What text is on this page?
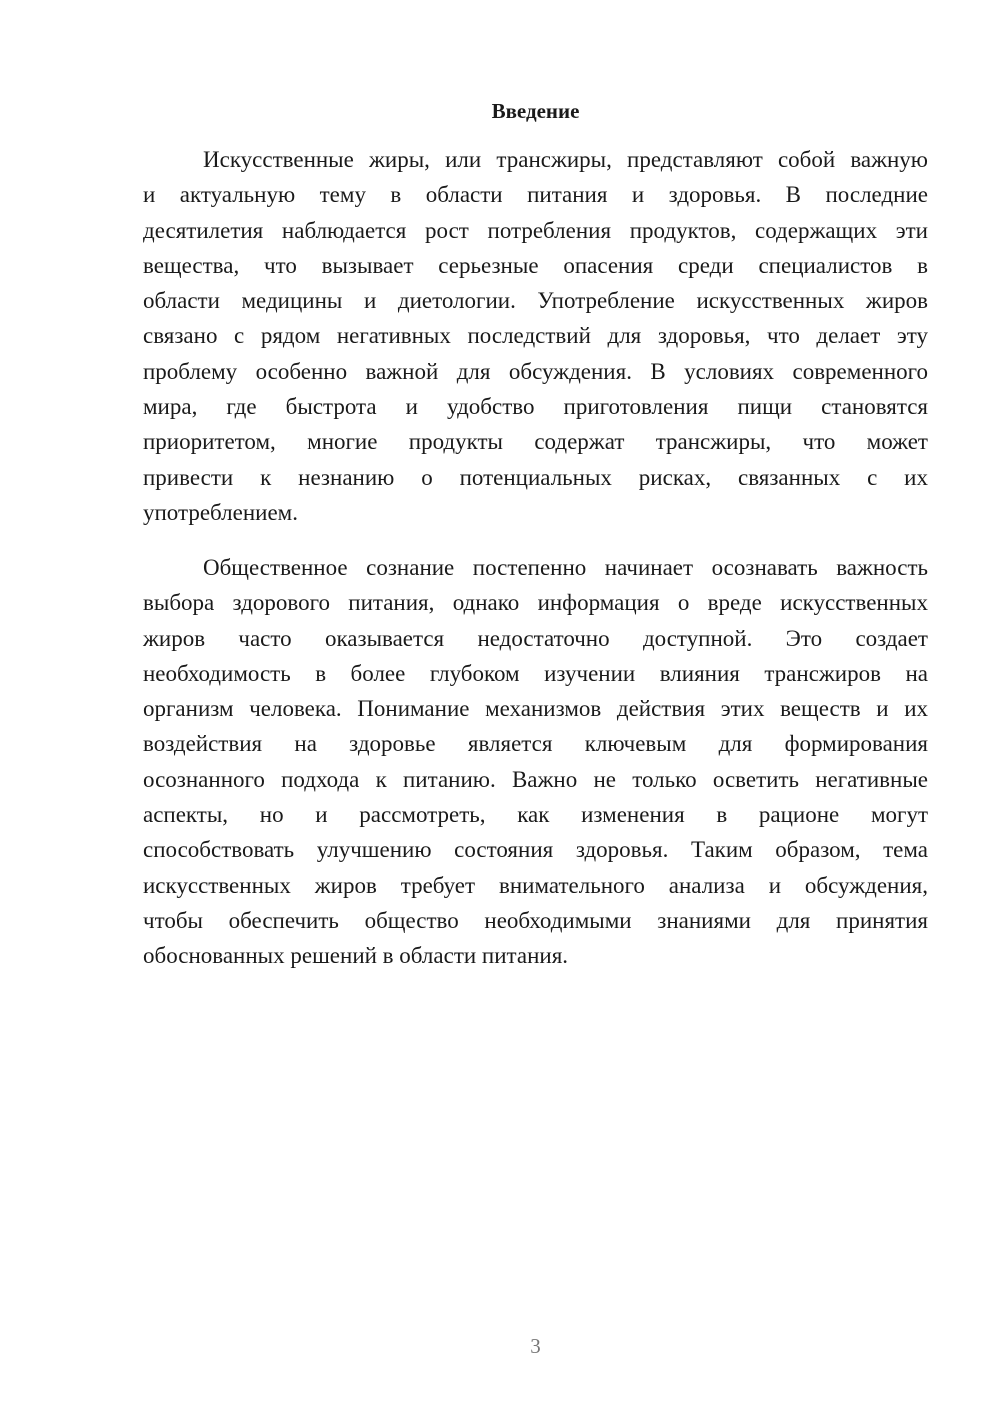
Введение
Искусственные жиры, или трансжиры, представляют собой важную
и актуальную тему в области питания и здоровья. В последние
десятилетия наблюдается рост потребления продуктов, содержащих эти
вещества, что вызывает серьезные опасения среди специалистов в
области медицины и диетологии. Употребление искусственных жиров
связано с рядом негативных последствий для здоровья, что делает эту
проблему особенно важной для обсуждения. В условиях современного
мира, где быстрота и удобство приготовления пищи становятся
приоритетом, многие продукты содержат трансжиры, что может
привести к незнанию о потенциальных рисках, связанных с их
употреблением.
Общественное сознание постепенно начинает осознавать важность
выбора здорового питания, однако информация о вреде искусственных
жиров часто оказывается недостаточно доступной. Это создает
необходимость в более глубоком изучении влияния трансжиров на
организм человека. Понимание механизмов действия этих веществ и их
воздействия на здоровье является ключевым для формирования
осознанного подхода к питанию. Важно не только осветить негативные
аспекты, но и рассмотреть, как изменения в рационе могут
способствовать улучшению состояния здоровья. Таким образом, тема
искусственных жиров требует внимательного анализа и обсуждения,
чтобы обеспечить общество необходимыми знаниями для принятия
обоснованных решений в области питания.
3
